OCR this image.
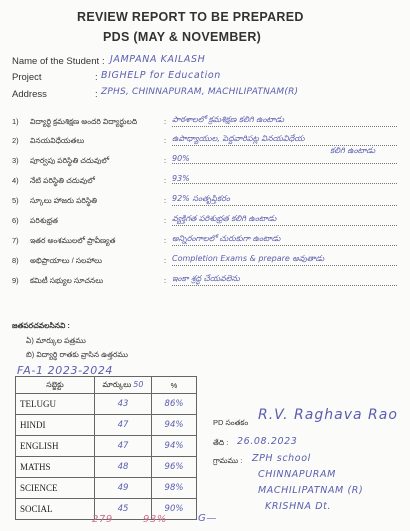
REVIEW REPORT TO BE PREPARED
PDS (MAY & NOVEMBER)
Name of the Student : JAMPANA KAILASH
Project	: BIGHELP for Education
Address	: ZPHS, CHINNAPURAM, MACHILIPATNAM(R)
1) విద్యార్థి క్రమశిక్షణ అందరి విద్యార్థులది	: పాఠశాలలో క్రమశిక్షణ కలిగి ఉంటాడు
2) వినయవిధేయతలు	: ఉపాధ్యాయుల, పెద్దవారిపట్ల వినయవిధేయ
కలిగి ఉంటాడు
3) పూర్వపు పరిస్థితి చదువులో	: 90%
4) నేటి పరిస్థితి చదువులో	: 93%
5) స్కూలు హాజరు పరిస్థితి	: 92% సంతృప్తికరం
6) పరిశుభ్రత	: వ్యక్తిగత పరిశుభ్రత కలిగి ఉంటాడు
7) ఇతర అంశములలో ప్రావీణ్యత	: అన్నిరంగాలలో చురుకుగా ఉంటాడు
8) అభిప్రాయాలు / సలహాలు	: Completion Exams & prepare అవుతాడు
9) కమిటీ సభ్యుల సూచనలు	: ఇంకా శ్రద్ధ చేయవలెను
జతపరచవలసినవి :
ఏ) మార్కుల పత్రము
బి) విద్యార్థి రాతకు వ్రాసిన ఉత్తరము
FA-1 2023-2024
సబ్జెక్టు	మార్కులు 50	%
TELUGU	43	86%
HINDI	47	94%
ENGLISH	47	94%
MATHS	48	96%
SCIENCE	49	98%
SOCIAL	45	90%
279	93%	G—
PD సంతకం R.V. Raghava Rao
తేది : 26.08.2023
గ్రామము : ZPH school
CHINNAPURAM
MACHILIPATNAM (R)
KRISHNA Dt.
